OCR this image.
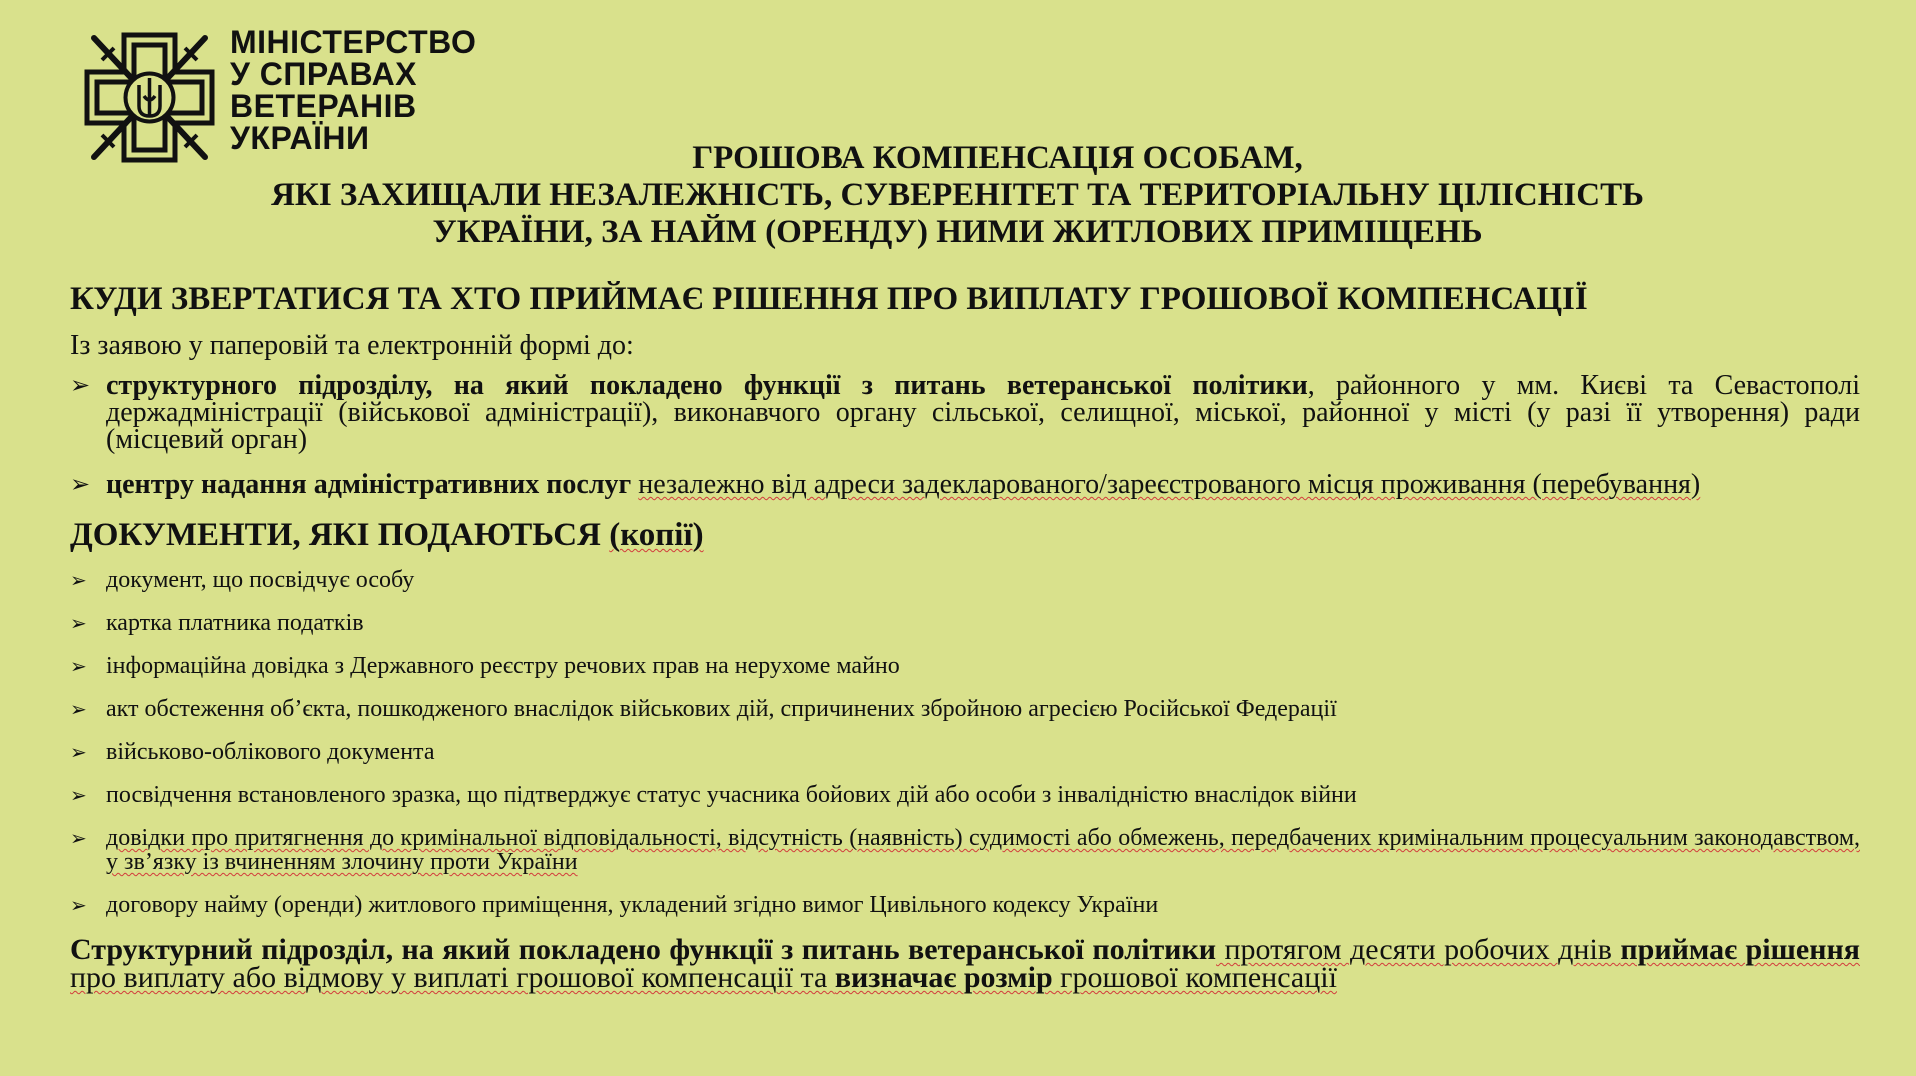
МІНІСТЕРСТВО
У СПРАВАХ
ВЕТЕРАНІВ
УКРАЇНИ
ГРОШОВА КОМПЕНСАЦІЯ ОСОБАМ,
ЯКІ ЗАХИЩАЛИ НЕЗАЛЕЖНІСТЬ, СУВЕРЕНІТЕТ ТА ТЕРИТОРІАЛЬНУ ЦІЛІСНІСТЬ
УКРАЇНИ, ЗА НАЙМ (ОРЕНДУ) НИМИ ЖИТЛОВИХ ПРИМІЩЕНЬ
КУДИ ЗВЕРТАТИСЯ ТА ХТО ПРИЙМАЄ РІШЕННЯ ПРО ВИПЛАТУ ГРОШОВОЇ КОМПЕНСАЦІЇ
Із заявою у паперовій та електронній формі до:
➢ структурного підрозділу, на який покладено функції з питань ветеранської політики, районного у мм. Києві та Севастополі держадміністрації (військової адміністрації), виконавчого органу сільської, селищної, міської, районної у місті (у разі її утворення) ради (місцевий орган)
➢ центру надання адміністративних послуг незалежно від адреси задекларованого/зареєстрованого місця проживання (перебування)
ДОКУМЕНТИ, ЯКІ ПОДАЮТЬСЯ (копії)
➢ документ, що посвідчує особу
➢ картка платника податків
➢ інформаційна довідка з Державного реєстру речових прав на нерухоме майно
➢ акт обстеження об’єкта, пошкодженого внаслідок військових дій, спричинених збройною агресією Російської Федерації
➢ військово-облікового документа
➢ посвідчення встановленого зразка, що підтверджує статус учасника бойових дій або особи з інвалідністю внаслідок війни
➢ довідки про притягнення до кримінальної відповідальності, відсутність (наявність) судимості або обмежень, передбачених кримінальним процесуальним законодавством, у зв’язку із вчиненням злочину проти України
➢ договору найму (оренди) житлового приміщення, укладений згідно вимог Цивільного кодексу України
Структурний підрозділ, на який покладено функції з питань ветеранської політики протягом десяти робочих днів приймає рішення про виплату або відмову у виплаті грошової компенсації та визначає розмір грошової компенсації
